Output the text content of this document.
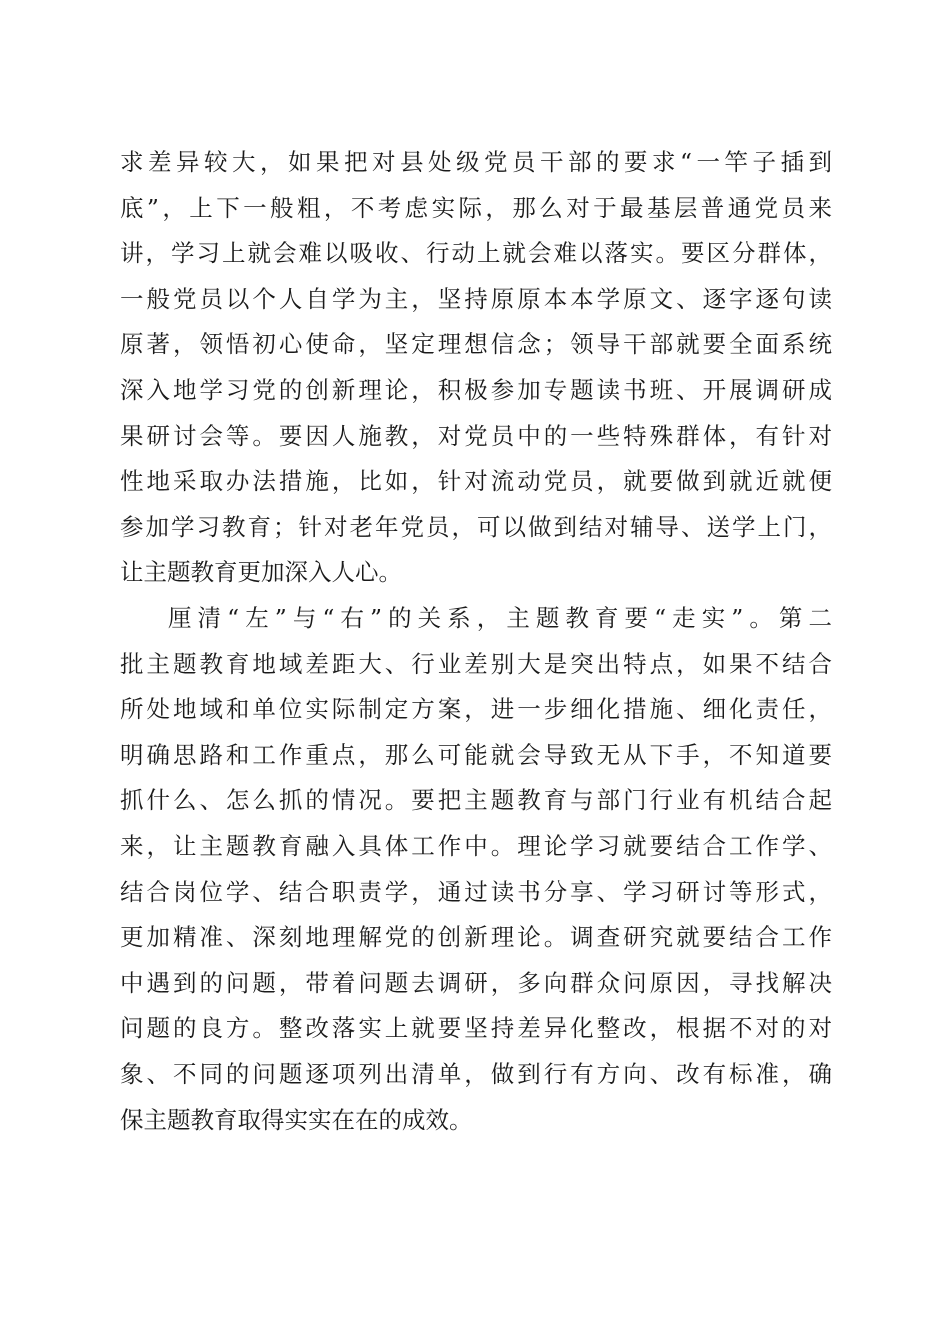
求差异较大，如果把对县处级党员干部的要求“一竿子插到
底”，上下一般粗，不考虑实际，那么对于最基层普通党员来
讲，学习上就会难以吸收、行动上就会难以落实。要区分群体，
一般党员以个人自学为主，坚持原原本本学原文、逐字逐句读
原著，领悟初心使命，坚定理想信念；领导干部就要全面系统
深入地学习党的创新理论，积极参加专题读书班、开展调研成
果研讨会等。要因人施教，对党员中的一些特殊群体，有针对
性地采取办法措施，比如，针对流动党员，就要做到就近就便
参加学习教育；针对老年党员，可以做到结对辅导、送学上门，
让主题教育更加深入人心。
厘清“左”与“右”的关系，主题教育要“走实”。第二
批主题教育地域差距大、行业差别大是突出特点，如果不结合
所处地域和单位实际制定方案，进一步细化措施、细化责任，
明确思路和工作重点，那么可能就会导致无从下手，不知道要
抓什么、怎么抓的情况。要把主题教育与部门行业有机结合起
来，让主题教育融入具体工作中。理论学习就要结合工作学、
结合岗位学、结合职责学，通过读书分享、学习研讨等形式，
更加精准、深刻地理解党的创新理论。调查研究就要结合工作
中遇到的问题，带着问题去调研，多向群众问原因，寻找解决
问题的良方。整改落实上就要坚持差异化整改，根据不对的对
象、不同的问题逐项列出清单，做到行有方向、改有标准，确
保主题教育取得实实在在的成效。
